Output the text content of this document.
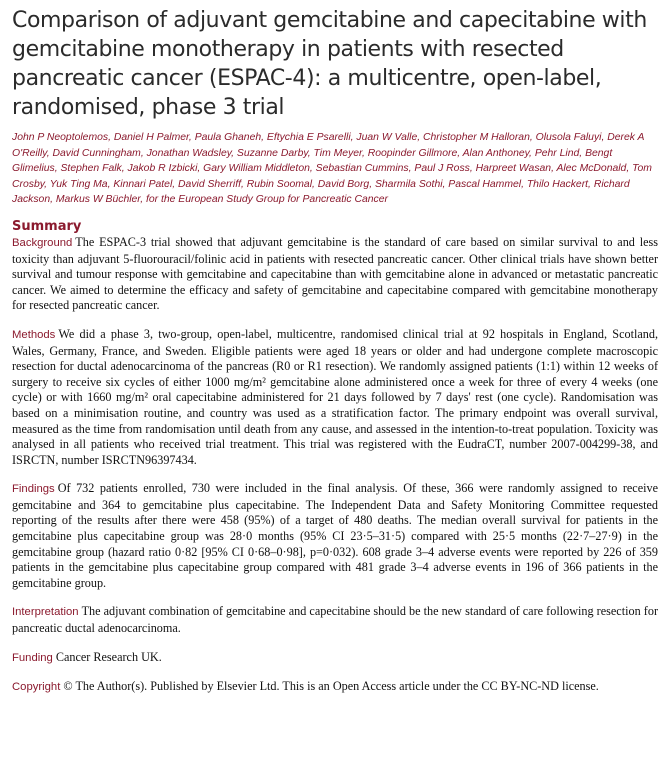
Comparison of adjuvant gemcitabine and capecitabine with gemcitabine monotherapy in patients with resected pancreatic cancer (ESPAC-4): a multicentre, open-label, randomised, phase 3 trial

John P Neoptolemos, Daniel H Palmer, Paula Ghaneh, Eftychia E Psarelli, Juan W Valle, Christopher M Halloran, Olusola Faluyi, Derek A O'Reilly, David Cunningham, Jonathan Wadsley, Suzanne Darby, Tim Meyer, Roopinder Gillmore, Alan Anthoney, Pehr Lind, Bengt Glimelius, Stephen Falk, Jakob R Izbicki, Gary William Middleton, Sebastian Cummins, Paul J Ross, Harpreet Wasan, Alec McDonald, Tom Crosby, Yuk Ting Ma, Kinnari Patel, David Sherriff, Rubin Soomal, David Borg, Sharmila Sothi, Pascal Hammel, Thilo Hackert, Richard Jackson, Markus W Büchler, for the European Study Group for Pancreatic Cancer

Summary

Background The ESPAC-3 trial showed that adjuvant gemcitabine is the standard of care based on similar survival to and less toxicity than adjuvant 5-fluorouracil/folinic acid in patients with resected pancreatic cancer. Other clinical trials have shown better survival and tumour response with gemcitabine and capecitabine than with gemcitabine alone in advanced or metastatic pancreatic cancer. We aimed to determine the efficacy and safety of gemcitabine and capecitabine compared with gemcitabine monotherapy for resected pancreatic cancer.

Methods We did a phase 3, two-group, open-label, multicentre, randomised clinical trial at 92 hospitals in England, Scotland, Wales, Germany, France, and Sweden. Eligible patients were aged 18 years or older and had undergone complete macroscopic resection for ductal adenocarcinoma of the pancreas (R0 or R1 resection). We randomly assigned patients (1:1) within 12 weeks of surgery to receive six cycles of either 1000 mg/m² gemcitabine alone administered once a week for three of every 4 weeks (one cycle) or with 1660 mg/m² oral capecitabine administered for 21 days followed by 7 days' rest (one cycle). Randomisation was based on a minimisation routine, and country was used as a stratification factor. The primary endpoint was overall survival, measured as the time from randomisation until death from any cause, and assessed in the intention-to-treat population. Toxicity was analysed in all patients who received trial treatment. This trial was registered with the EudraCT, number 2007-004299-38, and ISRCTN, number ISRCTN96397434.

Findings Of 732 patients enrolled, 730 were included in the final analysis. Of these, 366 were randomly assigned to receive gemcitabine and 364 to gemcitabine plus capecitabine. The Independent Data and Safety Monitoring Committee requested reporting of the results after there were 458 (95%) of a target of 480 deaths. The median overall survival for patients in the gemcitabine plus capecitabine group was 28·0 months (95% CI 23·5–31·5) compared with 25·5 months (22·7–27·9) in the gemcitabine group (hazard ratio 0·82 [95% CI 0·68–0·98], p=0·032). 608 grade 3–4 adverse events were reported by 226 of 359 patients in the gemcitabine plus capecitabine group compared with 481 grade 3–4 adverse events in 196 of 366 patients in the gemcitabine group.

Interpretation The adjuvant combination of gemcitabine and capecitabine should be the new standard of care following resection for pancreatic ductal adenocarcinoma.

Funding Cancer Research UK.

Copyright © The Author(s). Published by Elsevier Ltd. This is an Open Access article under the CC BY-NC-ND license.
